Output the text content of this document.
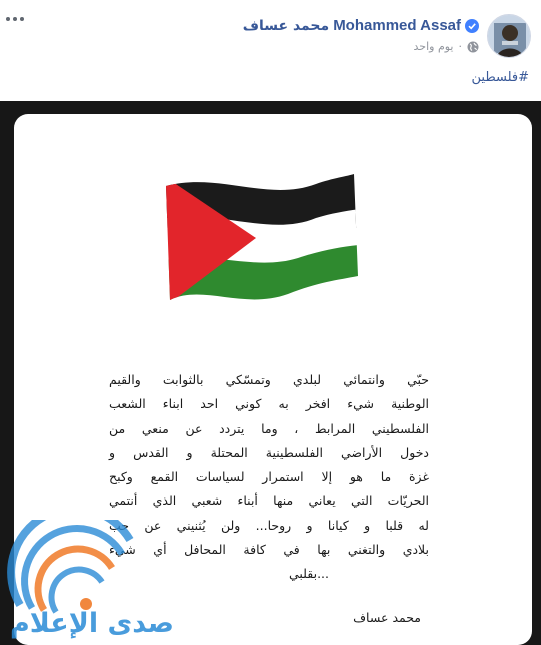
محمد عساف Mohammed Assaf
يوم واحد ·
#فلسطين
حبّي وانتمائي لبلدي وتمسّكي بالثوابت والقيم
الوطنية شيء افخر به كوني احد ابناء الشعب
الفلسطيني المرابط ، وما يتردد عن منعي من
دخول الأراضي الفلسطينية المحتلة و القدس و
غزة ما هو إلا استمرار لسياسات القمع وكبح
الحريّات التي يعاني منها أبناء شعبي الذي أنتمي
له قلبا و كيانا و روحا... ولن يُثنيني عن حب
بلادي والتغني بها في كافة المحافل أي شيء
...بقلبي
محمد عساف
صدى الإعلام
